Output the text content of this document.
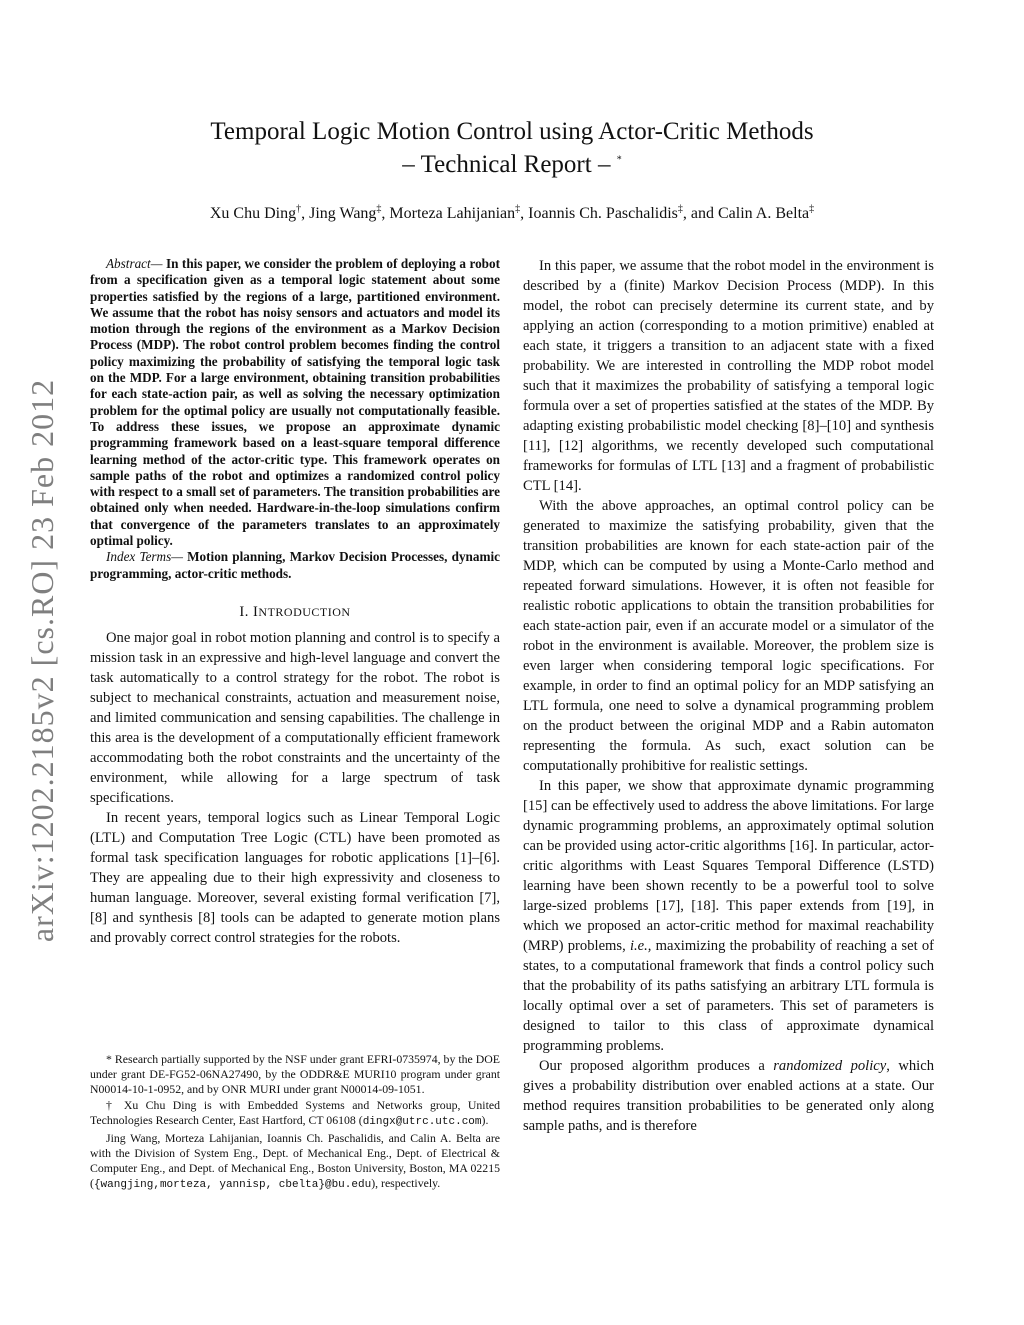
arXiv:1202.2185v2 [cs.RO] 23 Feb 2012
Temporal Logic Motion Control using Actor-Critic Methods
– Technical Report – *
Xu Chu Ding†, Jing Wang‡, Morteza Lahijanian‡, Ioannis Ch. Paschalidis‡, and Calin A. Belta‡

Abstract— In this paper, we consider the problem of deploying a robot from a specification given as a temporal logic statement about some properties satisfied by the regions of a large, partitioned environment. We assume that the robot has noisy sensors and actuators and model its motion through the regions of the environment as a Markov Decision Process (MDP). The robot control problem becomes finding the control policy maximizing the probability of satisfying the temporal logic task on the MDP. For a large environment, obtaining transition probabilities for each state-action pair, as well as solving the necessary optimization problem for the optimal policy are usually not computationally feasible. To address these issues, we propose an approximate dynamic programming framework based on a least-square temporal difference learning method of the actor-critic type. This framework operates on sample paths of the robot and optimizes a randomized control policy with respect to a small set of parameters. The transition probabilities are obtained only when needed. Hardware-in-the-loop simulations confirm that convergence of the parameters translates to an approximately optimal policy.

Index Terms— Motion planning, Markov Decision Processes, dynamic programming, actor-critic methods.

I. INTRODUCTION

One major goal in robot motion planning and control is to specify a mission task in an expressive and high-level language and convert the task automatically to a control strategy for the robot. The robot is subject to mechanical constraints, actuation and measurement noise, and limited communication and sensing capabilities. The challenge in this area is the development of a computationally efficient framework accommodating both the robot constraints and the uncertainty of the environment, while allowing for a large spectrum of task specifications.

In recent years, temporal logics such as Linear Temporal Logic (LTL) and Computation Tree Logic (CTL) have been promoted as formal task specification languages for robotic applications [1]–[6]. They are appealing due to their high expressivity and closeness to human language. Moreover, several existing formal verification [7], [8] and synthesis [8] tools can be adapted to generate motion plans and provably correct control strategies for the robots.

* Research partially supported by the NSF under grant EFRI-0735974, by the DOE under grant DE-FG52-06NA27490, by the ODDR&E MURI10 program under grant N00014-10-1-0952, and by ONR MURI under grant N00014-09-1051.

† Xu Chu Ding is with Embedded Systems and Networks group, United Technologies Research Center, East Hartford, CT 06108 (dingx@utrc.utc.com).

Jing Wang, Morteza Lahijanian, Ioannis Ch. Paschalidis, and Calin A. Belta are with the Division of System Eng., Dept. of Mechanical Eng., Dept. of Electrical & Computer Eng., and Dept. of Mechanical Eng., Boston University, Boston, MA 02215 ({wangjing,morteza, yannisp, cbelta}@bu.edu), respectively.

In this paper, we assume that the robot model in the environment is described by a (finite) Markov Decision Process (MDP). In this model, the robot can precisely determine its current state, and by applying an action (corresponding to a motion primitive) enabled at each state, it triggers a transition to an adjacent state with a fixed probability. We are interested in controlling the MDP robot model such that it maximizes the probability of satisfying a temporal logic formula over a set of properties satisfied at the states of the MDP. By adapting existing probabilistic model checking [8]–[10] and synthesis [11], [12] algorithms, we recently developed such computational frameworks for formulas of LTL [13] and a fragment of probabilistic CTL [14].

With the above approaches, an optimal control policy can be generated to maximize the satisfying probability, given that the transition probabilities are known for each state-action pair of the MDP, which can be computed by using a Monte-Carlo method and repeated forward simulations. However, it is often not feasible for realistic robotic applications to obtain the transition probabilities for each state-action pair, even if an accurate model or a simulator of the robot in the environment is available. Moreover, the problem size is even larger when considering temporal logic specifications. For example, in order to find an optimal policy for an MDP satisfying an LTL formula, one need to solve a dynamical programming problem on the product between the original MDP and a Rabin automaton representing the formula. As such, exact solution can be computationally prohibitive for realistic settings.

In this paper, we show that approximate dynamic programming [15] can be effectively used to address the above limitations. For large dynamic programming problems, an approximately optimal solution can be provided using actor-critic algorithms [16]. In particular, actor-critic algorithms with Least Squares Temporal Difference (LSTD) learning have been shown recently to be a powerful tool to solve large-sized problems [17], [18]. This paper extends from [19], in which we proposed an actor-critic method for maximal reachability (MRP) problems, i.e., maximizing the probability of reaching a set of states, to a computational framework that finds a control policy such that the probability of its paths satisfying an arbitrary LTL formula is locally optimal over a set of parameters. This set of parameters is designed to tailor to this class of approximate dynamical programming problems.

Our proposed algorithm produces a randomized policy, which gives a probability distribution over enabled actions at a state. Our method requires transition probabilities to be generated only along sample paths, and is therefore
